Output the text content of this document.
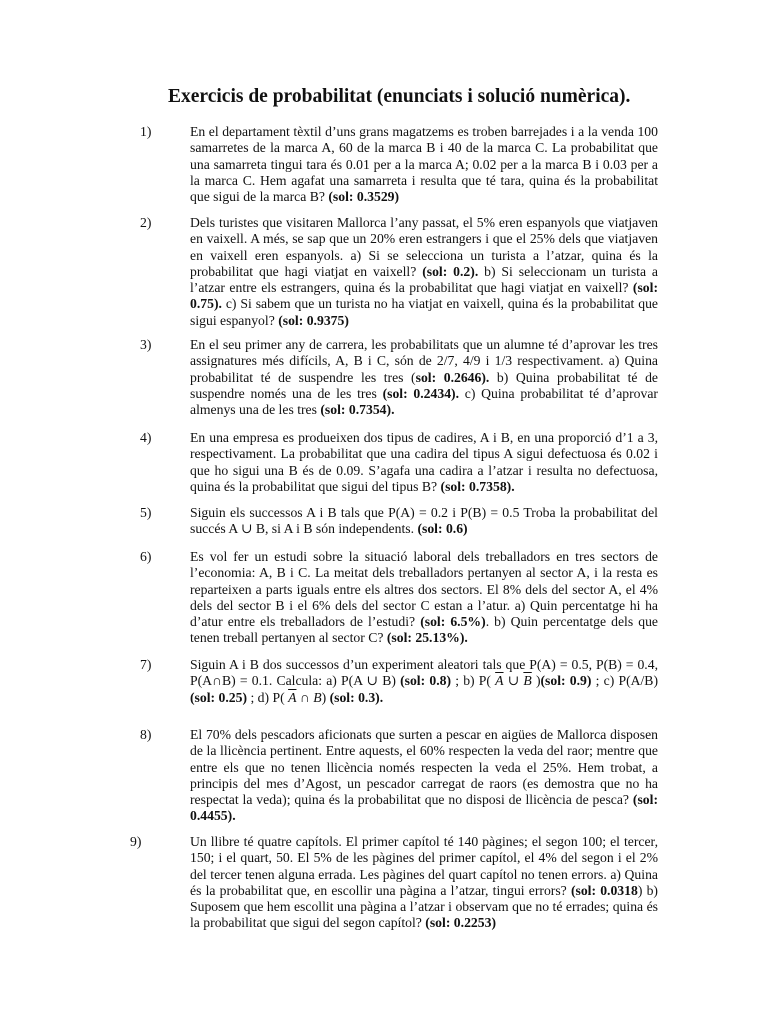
Exercicis de probabilitat (enunciats i solució numèrica).
1)	En el departament tèxtil d’uns grans magatzems es troben barrejades i a la venda 100 samarretes de la marca A, 60 de la marca B i 40 de la marca C. La probabilitat que una samarreta tingui tara és 0.01 per a la marca A; 0.02 per a la marca B i 0.03 per a la marca C. Hem agafat una samarreta i resulta que té tara, quina és la probabilitat que sigui de la marca B? (sol: 0.3529)
2)	Dels turistes que visitaren Mallorca l’any passat, el 5% eren espanyols que viatjaven en vaixell. A més, se sap que un 20% eren estrangers i que el 25% dels que viatjaven en vaixell eren espanyols. a) Si se selecciona un turista a l’atzar, quina és la probabilitat que hagi viatjat en vaixell? (sol: 0.2). b) Si seleccionam un turista a l’atzar entre els estrangers, quina és la probabilitat que hagi viatjat en vaixell? (sol: 0.75). c) Si sabem que un turista no ha viatjat en vaixell, quina és la probabilitat que sigui espanyol? (sol: 0.9375)
3)	En el seu primer any de carrera, les probabilitats que un alumne té d’aprovar les tres assignatures més difícils, A, B i C, són de 2/7, 4/9 i 1/3 respectivament. a) Quina probabilitat té de suspendre les tres (sol: 0.2646). b) Quina probabilitat té de suspendre només una de les tres (sol: 0.2434). c) Quina probabilitat té d’aprovar almenys una de les tres (sol: 0.7354).
4)	En una empresa es produeixen dos tipus de cadires, A i B, en una proporció d’1 a 3, respectivament. La probabilitat que una cadira del tipus A sigui defectuosa és 0.02 i que ho sigui una B és de 0.09. S’agafa una cadira a l’atzar i resulta no defectuosa, quina és la probabilitat que sigui del tipus B? (sol: 0.7358).
5)	Siguin els successos A i B tals que P(A) = 0.2 i P(B) = 0.5 Troba la probabilitat del succés A ∪ B, si A i B són independents. (sol: 0.6)
6)	Es vol fer un estudi sobre la situació laboral dels treballadors en tres sectors de l’economia: A, B i C. La meitat dels treballadors pertanyen al sector A, i la resta es reparteixen a parts iguals entre els altres dos sectors. El 8% dels del sector A, el 4% dels del sector B i el 6% dels del sector C estan a l’atur. a) Quin percentatge hi ha d’atur entre els treballadors de l’estudi? (sol: 6.5%). b) Quin percentatge dels que tenen treball pertanyen al sector C? (sol: 25.13%).
7)	Siguin A i B dos successos d’un experiment aleatori tals que P(A) = 0.5, P(B) = 0.4, P(A∩B) = 0.1. Calcula: a) P(A ∪ B) (sol: 0.8) ; b) P( $\overline{A}$ ∪ $\overline{B}$ )(sol: 0.9) ; c) P(A/B) (sol: 0.25) ; d) P( $\overline{A}$ ∩ B) (sol: 0.3).
8)	El 70% dels pescadors aficionats que surten a pescar en aigües de Mallorca disposen de la llicència pertinent. Entre aquests, el 60% respecten la veda del raor; mentre que entre els que no tenen llicència només respecten la veda el 25%. Hem trobat, a principis del mes d’Agost, un pescador carregat de raors (es demostra que no ha respectat la veda); quina és la probabilitat que no disposi de llicència de pesca? (sol: 0.4455).
9)	Un llibre té quatre capítols. El primer capítol té 140 pàgines; el segon 100; el tercer, 150; i el quart, 50. El 5% de les pàgines del primer capítol, el 4% del segon i el 2% del tercer tenen alguna errada. Les pàgines del quart capítol no tenen errors. a) Quina és la probabilitat que, en escollir una pàgina a l’atzar, tingui errors? (sol: 0.0318) b) Suposem que hem escollit una pàgina a l’atzar i observam que no té errades; quina és la probabilitat que sigui del segon capítol? (sol: 0.2253)
